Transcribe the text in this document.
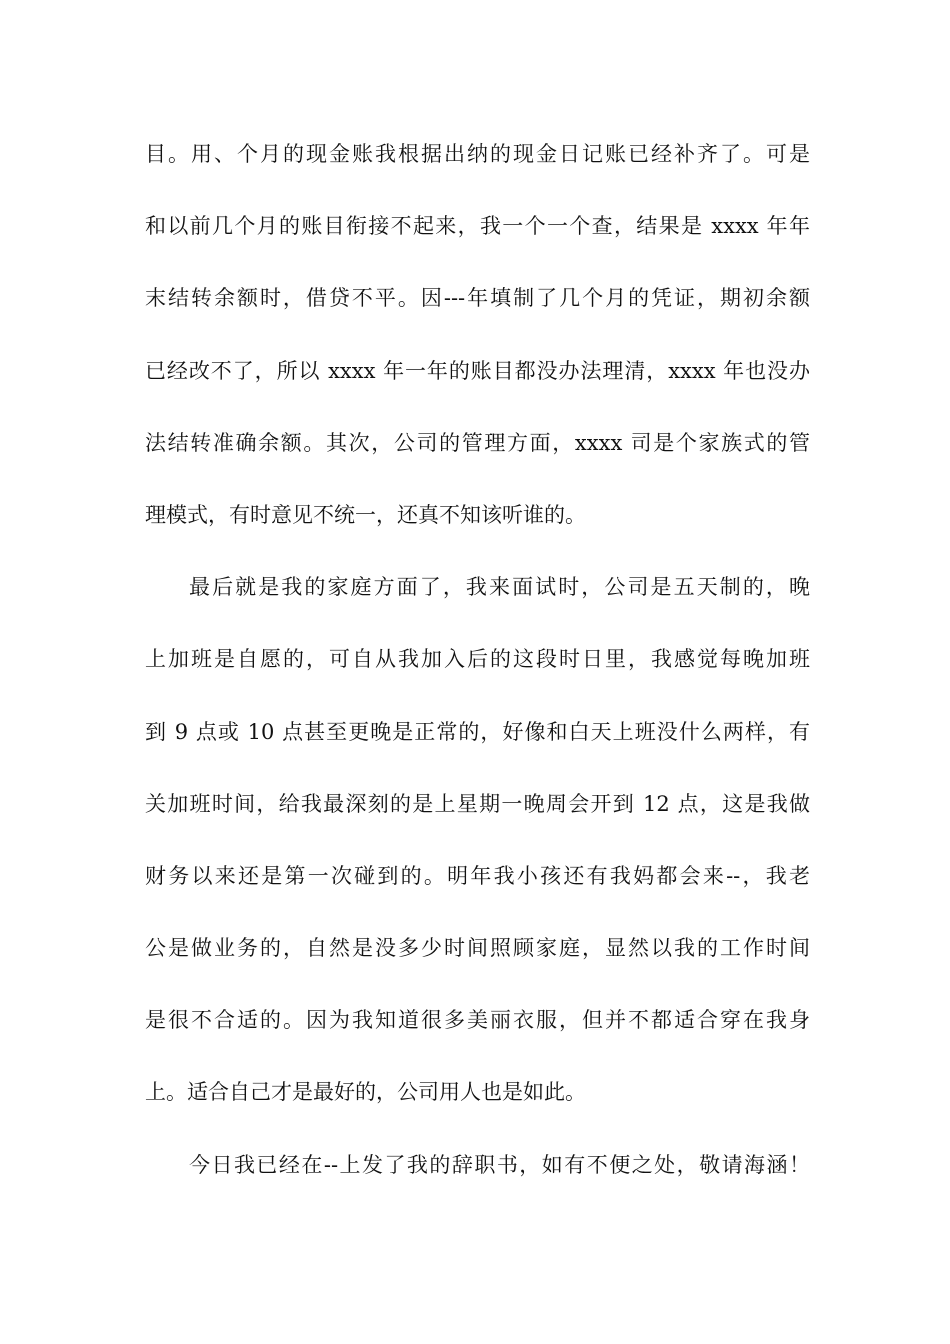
目。用、个月的现金账我根据出纳的现金日记账已经补齐了。可是
和以前几个月的账目衔接不起来，我一个一个查，结果是 xxxx 年年
末结转余额时，借贷不平。因---年填制了几个月的凭证，期初余额
已经改不了，所以 xxxx 年一年的账目都没办法理清，xxxx 年也没办
法结转准确余额。其次，公司的管理方面，xxxx 司是个家族式的管
理模式，有时意见不统一，还真不知该听谁的。
最后就是我的家庭方面了，我来面试时，公司是五天制的，晚
上加班是自愿的，可自从我加入后的这段时日里，我感觉每晚加班
到 9 点或 10 点甚至更晚是正常的，好像和白天上班没什么两样，有
关加班时间，给我最深刻的是上星期一晚周会开到 12 点，这是我做
财务以来还是第一次碰到的。明年我小孩还有我妈都会来--，我老
公是做业务的，自然是没多少时间照顾家庭，显然以我的工作时间
是很不合适的。因为我知道很多美丽衣服，但并不都适合穿在我身
上。适合自己才是最好的，公司用人也是如此。
今日我已经在--上发了我的辞职书，如有不便之处，敬请海涵！
